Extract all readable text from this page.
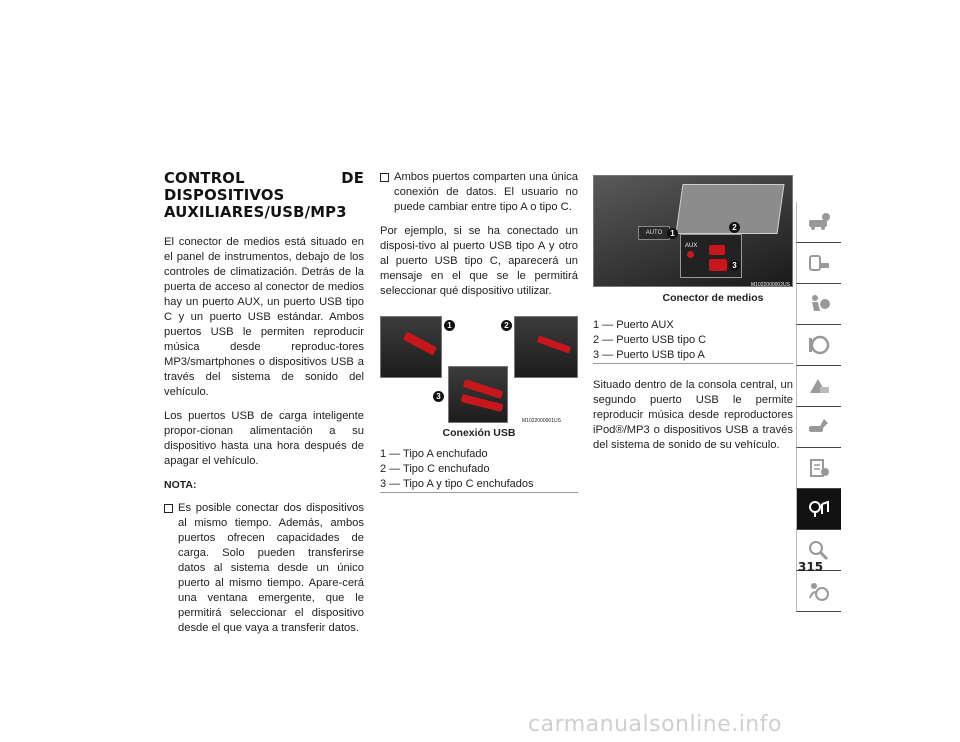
CONTROL DE DISPOSITIVOS AUXILIARES/USB/MP3

El conector de medios está situado en el panel de instrumentos, debajo de los controles de climatización. Detrás de la puerta de acceso al conector de medios hay un puerto AUX, un puerto USB tipo C y un puerto USB estándar. Ambos puertos USB le permiten reproducir música desde reproduc-tores MP3/smartphones o dispositivos USB a través del sistema de sonido del vehículo.

Los puertos USB de carga inteligente propor-cionan alimentación a su dispositivo hasta una hora después de apagar el vehículo.

NOTA:
Es posible conectar dos dispositivos al mismo tiempo. Además, ambos puertos ofrecen capacidades de carga. Solo pueden transferirse datos al sistema desde un único puerto al mismo tiempo. Apare-cerá una ventana emergente, que le permitirá seleccionar el dispositivo desde el que vaya a transferir datos.
Ambos puertos comparten una única conexión de datos. El usuario no puede cambiar entre tipo A o tipo C.

Por ejemplo, si se ha conectado un disposi-tivo al puerto USB tipo A y otro al puerto USB tipo C, aparecerá un mensaje en el que se le permitirá seleccionar qué dispositivo utilizar.

1	2
3
M1022000001US
Conexión USB
1 — Tipo A enchufado
2 — Tipo C enchufado
3 — Tipo A y tipo C enchufados
AUTO
AUX
1
2
3
M1022000002US
Conector de medios
1 — Puerto AUX
2 — Puerto USB tipo C
3 — Puerto USB tipo A

Situado dentro de la consola central, un segundo puerto USB le permite reproducir música desde reproductores iPod®/MP3 o dispositivos USB a través del sistema de sonido de su vehículo.

315
carmanualsonline.info
